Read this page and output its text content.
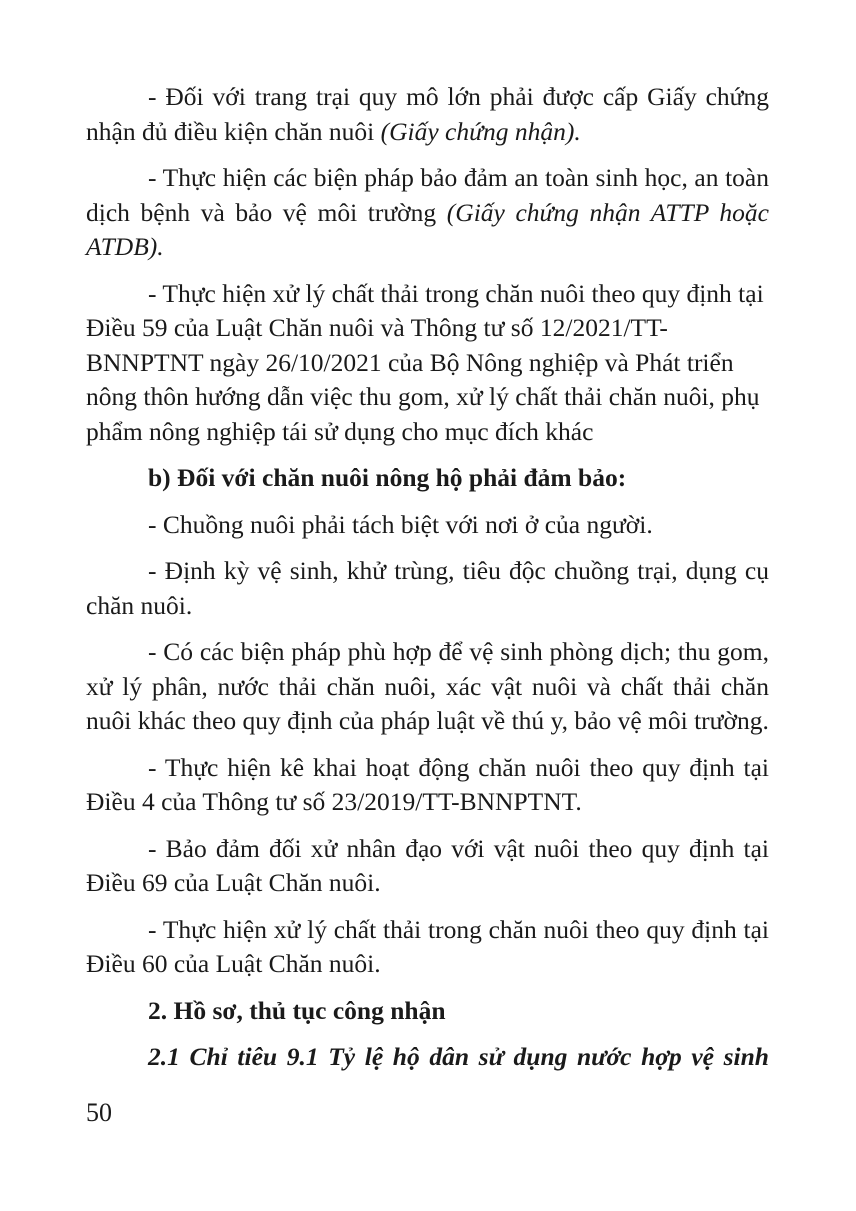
- Đối với trang trại quy mô lớn phải được cấp Giấy chứng nhận đủ điều kiện chăn nuôi (Giấy chứng nhận).

- Thực hiện các biện pháp bảo đảm an toàn sinh học, an toàn dịch bệnh và bảo vệ môi trường (Giấy chứng nhận ATTP hoặc ATDB).

- Thực hiện xử lý chất thải trong chăn nuôi theo quy định tại Điều 59 của Luật Chăn nuôi và Thông tư số 12/2021/TT-BNNPTNT ngày 26/10/2021 của Bộ Nông nghiệp và Phát triển nông thôn hướng dẫn việc thu gom, xử lý chất thải chăn nuôi, phụ phẩm nông nghiệp tái sử dụng cho mục đích khác

b) Đối với chăn nuôi nông hộ phải đảm bảo:

- Chuồng nuôi phải tách biệt với nơi ở của người.

- Định kỳ vệ sinh, khử trùng, tiêu độc chuồng trại, dụng cụ chăn nuôi.

- Có các biện pháp phù hợp để vệ sinh phòng dịch; thu gom, xử lý phân, nước thải chăn nuôi, xác vật nuôi và chất thải chăn nuôi khác theo quy định của pháp luật về thú y, bảo vệ môi trường.

- Thực hiện kê khai hoạt động chăn nuôi theo quy định tại Điều 4 của Thông tư số 23/2019/TT-BNNPTNT.

- Bảo đảm đối xử nhân đạo với vật nuôi theo quy định tại Điều 69 của Luật Chăn nuôi.

- Thực hiện xử lý chất thải trong chăn nuôi theo quy định tại Điều 60 của Luật Chăn nuôi.

2. Hồ sơ, thủ tục công nhận

2.1 Chỉ tiêu 9.1 Tỷ lệ hộ dân sử dụng nước hợp vệ sinh

50
